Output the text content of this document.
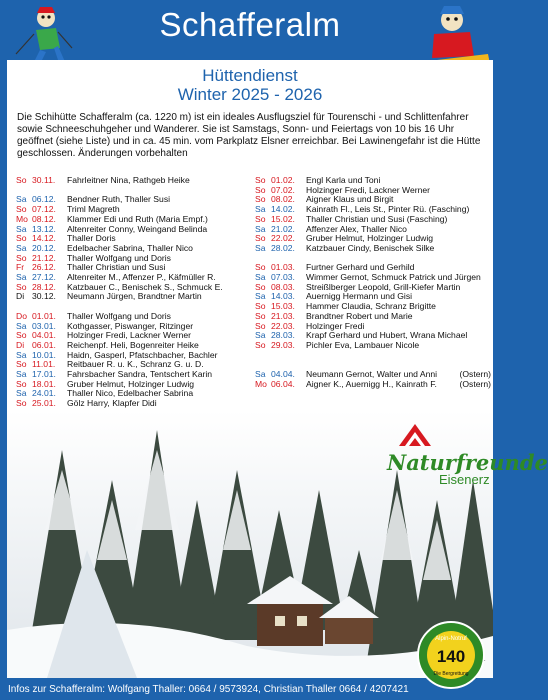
Schafferalm
Hüttendienst
Winter 2025 - 2026
Die Schihütte Schafferalm (ca. 1220 m) ist ein ideales Ausflugsziel für Tourenschi - und Schlittenfahrer sowie Schneeschuhgeher und Wanderer. Sie ist Samstags, Sonn- und Feiertags von 10 bis 16 Uhr geöffnet (siehe Liste) und in ca. 45 min. vom Parkplatz Elsner erreichbar. Bei Lawinengefahr ist die Hütte geschlossen. Änderungen vorbehalten
So 30.11.	Fahrleitner Nina, Rathgeb Heike
Sa 06.12.	Bendner Ruth, Thaller Susi
So 07.12.	Triml Magreth
Mo 08.12.	Klammer Edi und Ruth (Maria Empf.)
Sa 13.12.	Altenreiter Conny, Weingand Belinda
So 14.12.	Thaller Doris
Sa 20.12.	Edelbacher Sabrina, Thaller Nico
So 21.12.	Thaller Wolfgang und Doris
Fr 26.12.	Thaller Christian und Susi
Sa 27.12.	Altenreiter M., Affenzer P., Käfmüller R.
So 28.12.	Katzbauer C., Benischek S., Schmuck E.
Di 30.12.	Neumann Jürgen, Brandtner Martin
Do 01.01.	Thaller Wolfgang und Doris
Sa 03.01.	Kothgasser, Piswanger, Ritzinger
So 04.01.	Holzinger Fredi, Lackner Werner
Di 06.01.	Reichenpf. Heli, Bogenreiter Heike
Sa 10.01.	Haidn, Gasperl, Pfatschbacher, Bachler
So 11.01.	Reitbauer R. u. K., Schranz G. u. D.
Sa 17.01.	Fahrsbacher Sandra, Tentschert Karin
So 18.01.	Gruber Helmut, Holzinger Ludwig
Sa 24.01.	Thaller Nico, Edelbacher Sabrina
So 25.01.	Gölz Harry, Klapfer Didi
So 01.02.	Engl Karla und Toni
So 07.02.	Holzinger Fredi, Lackner Werner
So 08.02.	Aigner Klaus und Birgit
Sa 14.02.	Kainrath Fl., Leis St., Pinter Rü. (Fasching)
So 15.02.	Thaller Christian und Susi (Fasching)
Sa 21.02.	Affenzer Alex, Thaller Nico
So 22.02.	Gruber Helmut, Holzinger Ludwig
Sa 28.02.	Katzbauer Cindy, Benischek Silke
So 01.03.	Furtner Gerhard und Gerhild
Sa 07.03.	Wimmer Gernot, Schmuck Patrick und Jürgen
So 08.03.	Streißlberger Leopold, Grill-Kiefer Martin
Sa 14.03.	Auernigg Hermann und Gisi
So 15.03.	Hammer Claudia, Schranz Brigitte
So 21.03.	Brandtner Robert und Marie
So 22.03.	Holzinger Fredi
Sa 28.03.	Krapf Gerhard und Hubert, Wrana Michael
So 29.03.	Pichler Eva, Lambauer Nicole
Sa 04.04.	Neumann Gernot, Walter und Anni	(Ostern)
Mo 06.04.	Aigner K., Auernigg H., Kainrath F.	(Ostern)
Naturfreunde
Eisenerz
Alpin-Notruf
140
Die Bergrettung
Infos zur Schafferalm: Wolfgang Thaller: 0664 / 9573924, Christian Thaller 0664 / 4207421
